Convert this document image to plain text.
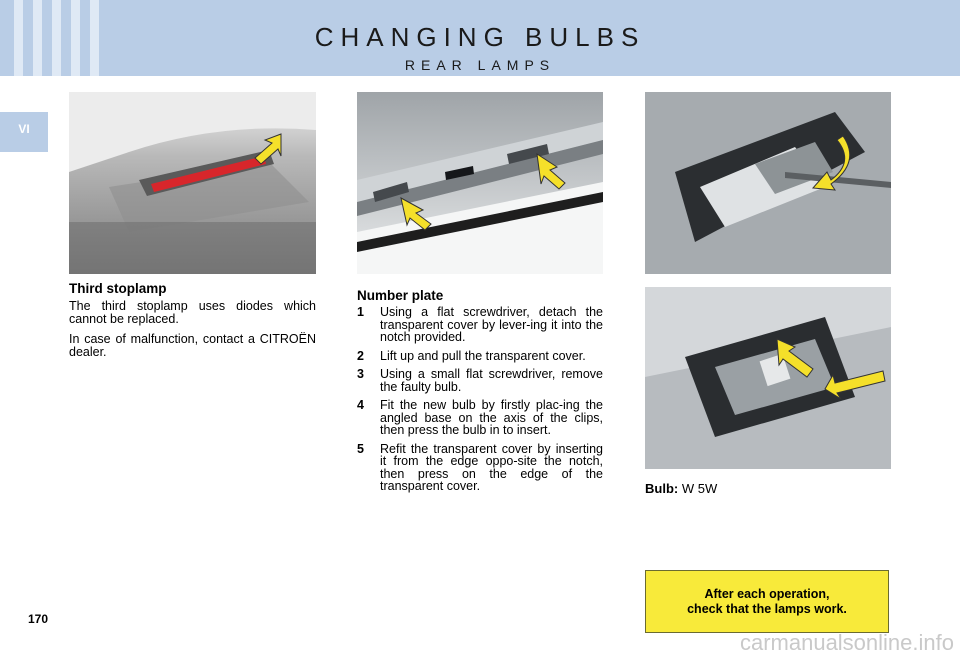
CHANGING BULBS
REAR LAMPS
VI
Third stoplamp

The third stoplamp uses diodes which cannot be replaced.

In case of malfunction, contact a CITROËN dealer.

Number plate
1 Using a flat screwdriver, detach the transparent cover by lever-ing it into the notch provided.
2 Lift up and pull the transparent cover.
3 Using a small flat screwdriver, remove the faulty bulb.
4 Fit the new bulb by firstly plac-ing the angled base on the axis of the clips, then press the bulb in to insert.
5 Refit the transparent cover by inserting it from the edge oppo-site the notch, then press on the edge of the transparent cover.	Bulb: W 5W
After each operation,
check that the lamps work.
170
carmanualsonline.info
